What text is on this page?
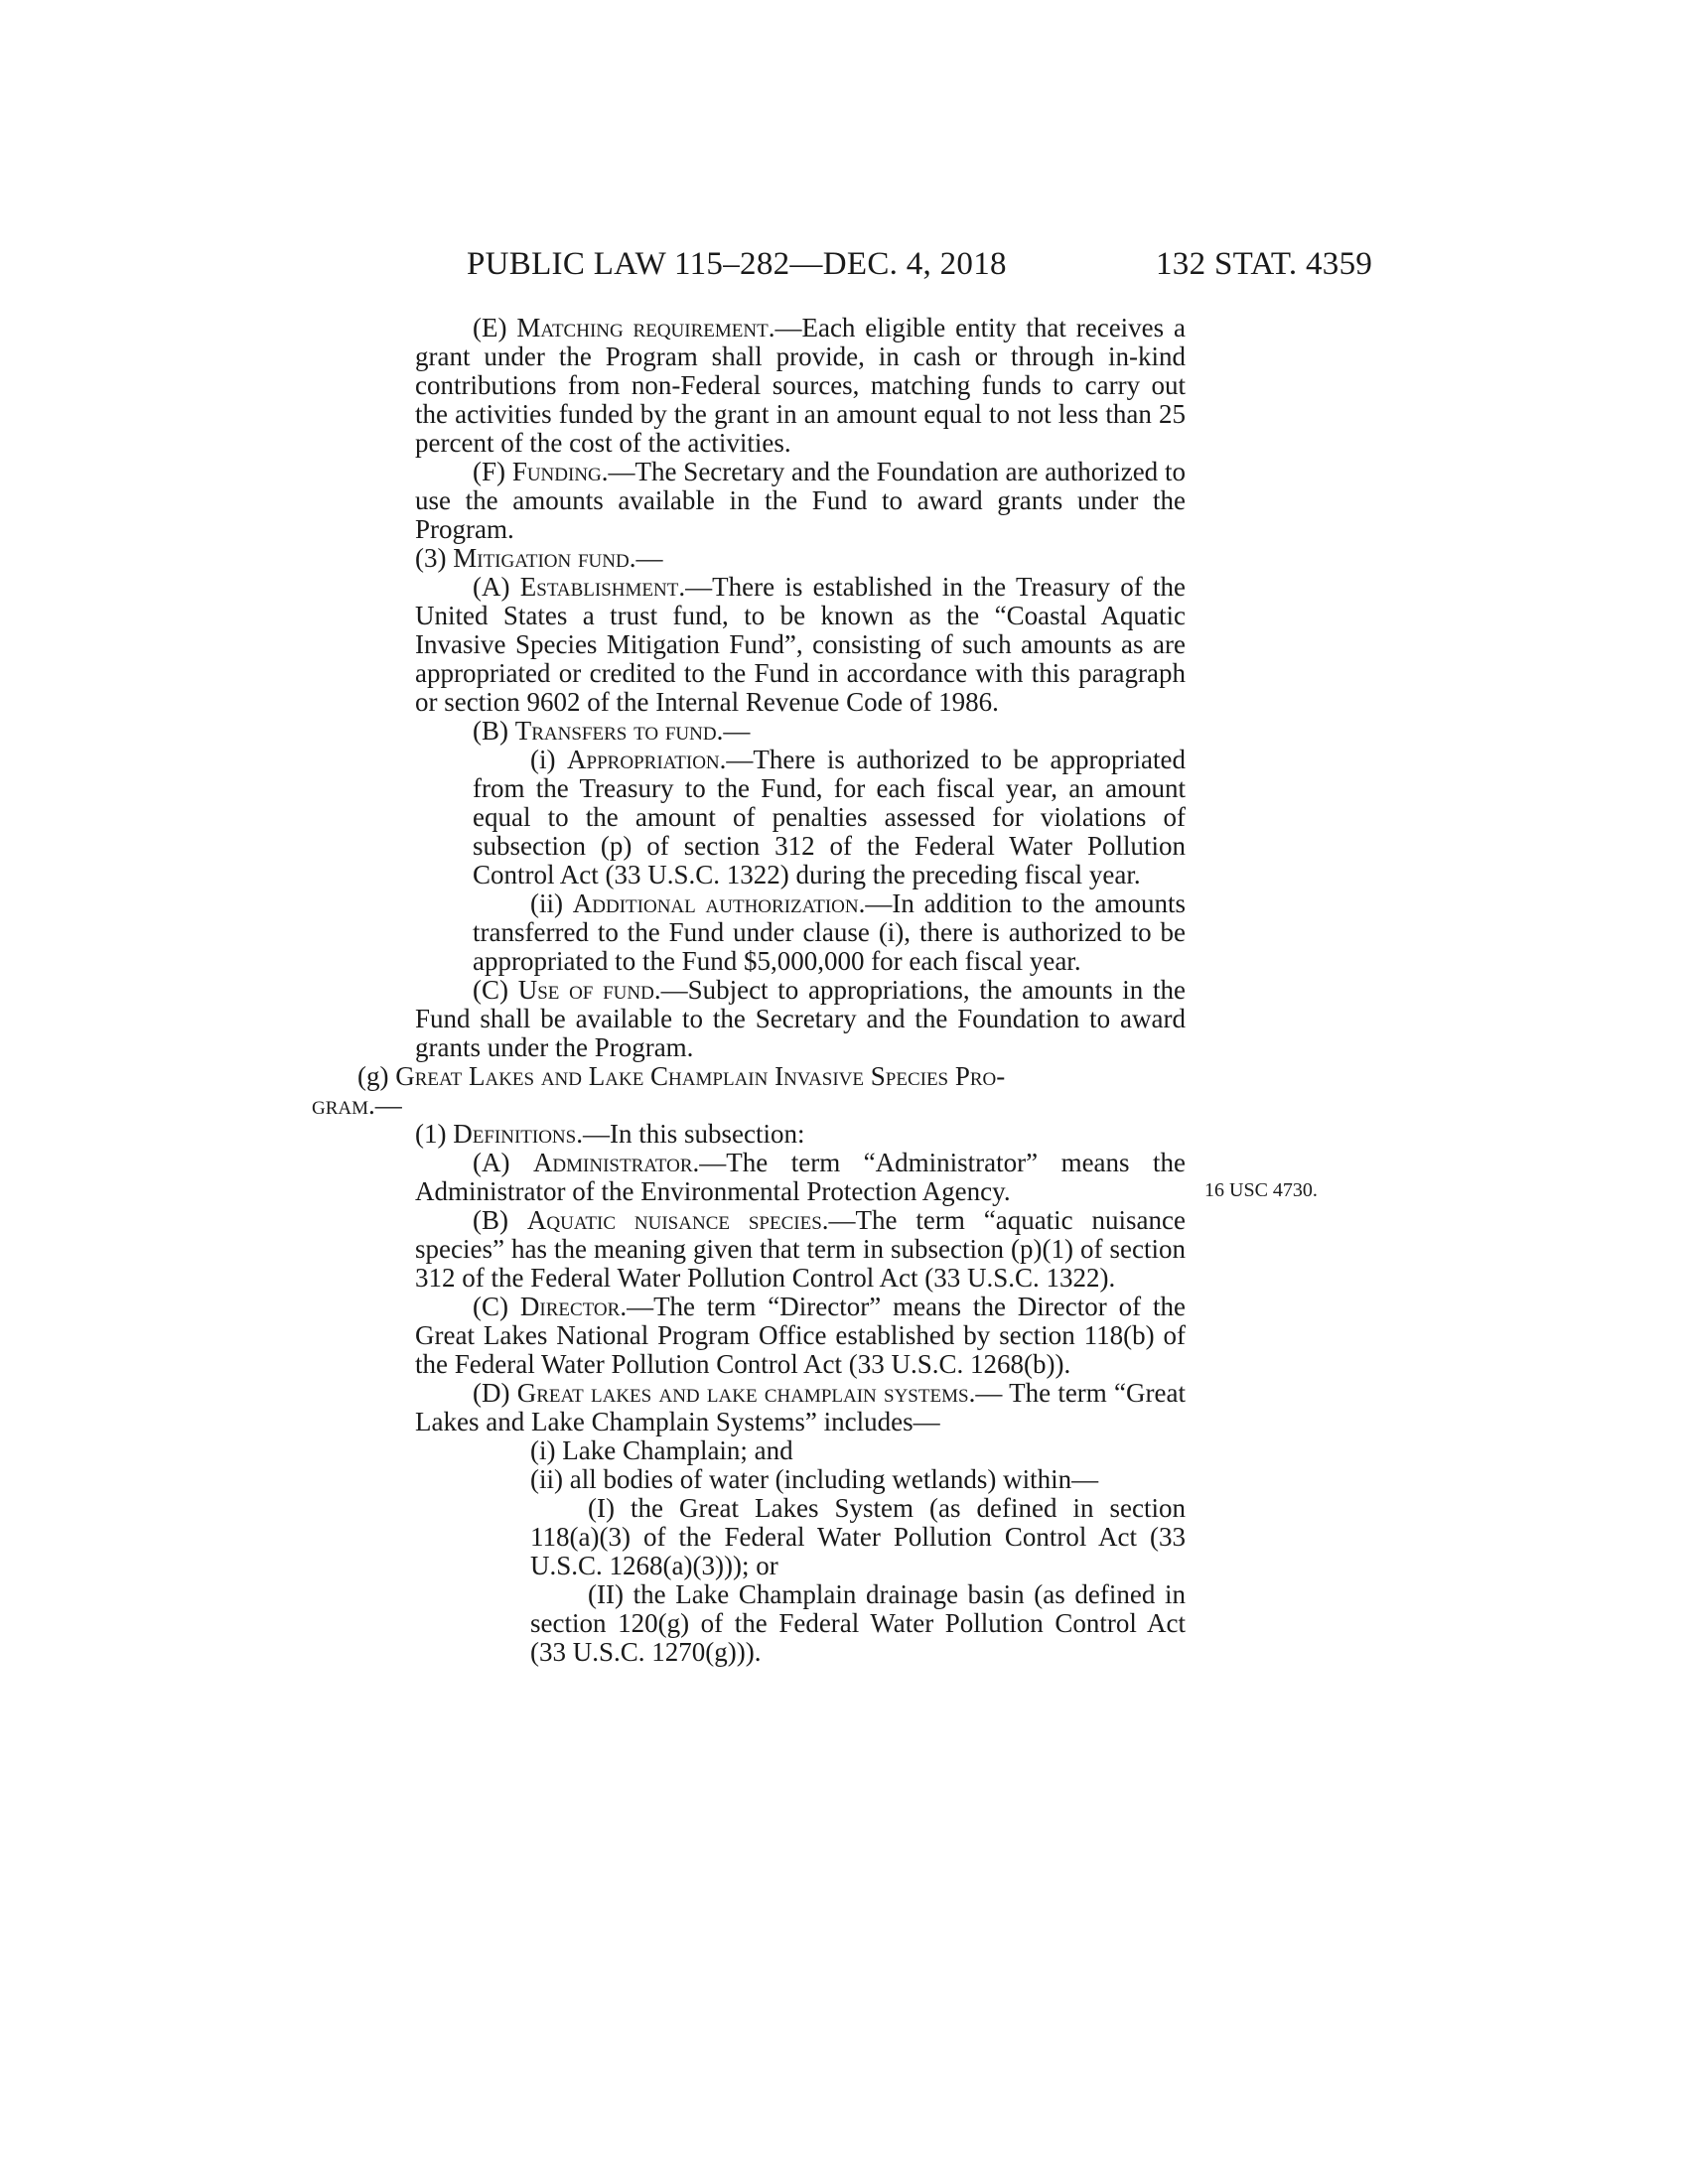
PUBLIC LAW 115–282—DEC. 4, 2018	132 STAT. 4359
16 USC 4730.

(E) Matching requirement.—Each eligible entity that receives a grant under the Program shall provide, in cash or through in-kind contributions from non-Federal sources, matching funds to carry out the activities funded by the grant in an amount equal to not less than 25 percent of the cost of the activities.

(F) Funding.—The Secretary and the Foundation are authorized to use the amounts available in the Fund to award grants under the Program.

(3) Mitigation fund.—

(A) Establishment.—There is established in the Treasury of the United States a trust fund, to be known as the “Coastal Aquatic Invasive Species Mitigation Fund”, consisting of such amounts as are appropriated or credited to the Fund in accordance with this paragraph or section 9602 of the Internal Revenue Code of 1986.

(B) Transfers to fund.—

(i) Appropriation.—There is authorized to be appropriated from the Treasury to the Fund, for each fiscal year, an amount equal to the amount of penalties assessed for violations of subsection (p) of section 312 of the Federal Water Pollution Control Act (33 U.S.C. 1322) during the preceding fiscal year.

(ii) Additional authorization.—In addition to the amounts transferred to the Fund under clause (i), there is authorized to be appropriated to the Fund $5,000,000 for each fiscal year.

(C) Use of fund.—Subject to appropriations, the amounts in the Fund shall be available to the Secretary and the Foundation to award grants under the Program.

(g) Great Lakes and Lake Champlain Invasive Species Pro-

gram.—

(1) Definitions.—In this subsection:

(A) Administrator.—The term “Administrator” means the Administrator of the Environmental Protection Agency.

(B) Aquatic nuisance species.—The term “aquatic nuisance species” has the meaning given that term in subsection (p)(1) of section 312 of the Federal Water Pollution Control Act (33 U.S.C. 1322).

(C) Director.—The term “Director” means the Director of the Great Lakes National Program Office established by section 118(b) of the Federal Water Pollution Control Act (33 U.S.C. 1268(b)).

(D) Great lakes and lake champlain systems.— The term “Great Lakes and Lake Champlain Systems” includes—

(i) Lake Champlain; and

(ii) all bodies of water (including wetlands) within—

(I) the Great Lakes System (as defined in section 118(a)(3) of the Federal Water Pollution Control Act (33 U.S.C. 1268(a)(3))); or

(II) the Lake Champlain drainage basin (as defined in section 120(g) of the Federal Water Pollution Control Act (33 U.S.C. 1270(g))).
